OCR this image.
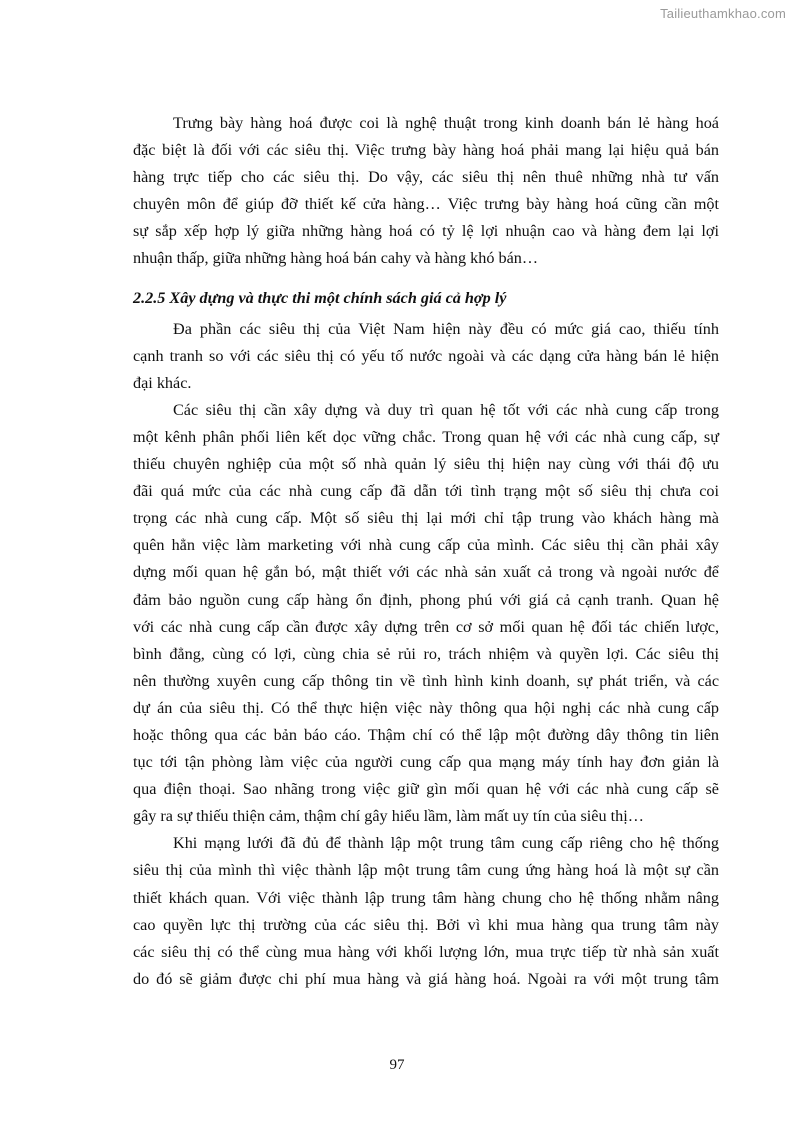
Tailieuthamkhao.com

Trưng bày hàng hoá được coi là nghệ thuật trong kinh doanh bán lẻ hàng hoá
đặc biệt là đối với các siêu thị. Việc trưng bày hàng hoá phải mang lại hiệu quả bán
hàng trực tiếp cho các siêu thị. Do vậy, các siêu thị nên thuê những nhà tư vấn
chuyên môn để giúp đỡ thiết kế cửa hàng… Việc trưng bày hàng hoá cũng cần một
sự sắp xếp hợp lý giữa những hàng hoá có tỷ lệ lợi nhuận cao và hàng đem lại lợi
nhuận thấp, giữa những hàng hoá bán cahy và hàng khó bán…

2.2.5 Xây dựng và thực thi một chính sách giá cả hợp lý

Đa phần các siêu thị của Việt Nam hiện này đều có mức giá cao, thiếu tính
cạnh tranh so với các siêu thị có yếu tố nước ngoài và các dạng cửa hàng bán lẻ hiện
đại khác.

Các siêu thị cần xây dựng và duy trì quan hệ tốt với các nhà cung cấp trong
một kênh phân phối liên kết dọc vững chắc. Trong quan hệ với các nhà cung cấp, sự
thiếu chuyên nghiệp của một số nhà quản lý siêu thị hiện nay cùng với thái độ ưu
đãi quá mức của các nhà cung cấp đã dẫn tới tình trạng một số siêu thị chưa coi
trọng các nhà cung cấp. Một số siêu thị lại mới chỉ tập trung vào khách hàng mà
quên hẳn việc làm marketing với nhà cung cấp của mình. Các siêu thị cần phải xây
dựng mối quan hệ gắn bó, mật thiết với các nhà sản xuất cả trong và ngoài nước để
đảm bảo nguồn cung cấp hàng ổn định, phong phú với giá cả cạnh tranh. Quan hệ
với các nhà cung cấp cần được xây dựng trên cơ sở mối quan hệ đối tác chiến lược,
bình đẳng, cùng có lợi, cùng chia sẻ rủi ro, trách nhiệm và quyền lợi. Các siêu thị
nên thường xuyên cung cấp thông tin về tình hình kinh doanh, sự phát triển, và các
dự án của siêu thị. Có thể thực hiện việc này thông qua hội nghị các nhà cung cấp
hoặc thông qua các bản báo cáo. Thậm chí có thể lập một đường dây thông tin liên
tục tới tận phòng làm việc của người cung cấp qua mạng máy tính hay đơn giản là
qua điện thoại. Sao nhãng trong việc giữ gìn mối quan hệ với các nhà cung cấp sẽ
gây ra sự thiếu thiện cảm, thậm chí gây hiểu lầm, làm mất uy tín của siêu thị…

Khi mạng lưới đã đủ để thành lập một trung tâm cung cấp riêng cho hệ thống
siêu thị của mình thì việc thành lập một trung tâm cung ứng hàng hoá là một sự cần
thiết khách quan. Với việc thành lập trung tâm hàng chung cho hệ thống nhằm nâng
cao quyền lực thị trường của các siêu thị. Bởi vì khi mua hàng qua trung tâm này
các siêu thị có thể cùng mua hàng với khối lượng lớn, mua trực tiếp từ nhà sản xuất
do đó sẽ giảm được chi phí mua hàng và giá hàng hoá. Ngoài ra với một trung tâm

97
